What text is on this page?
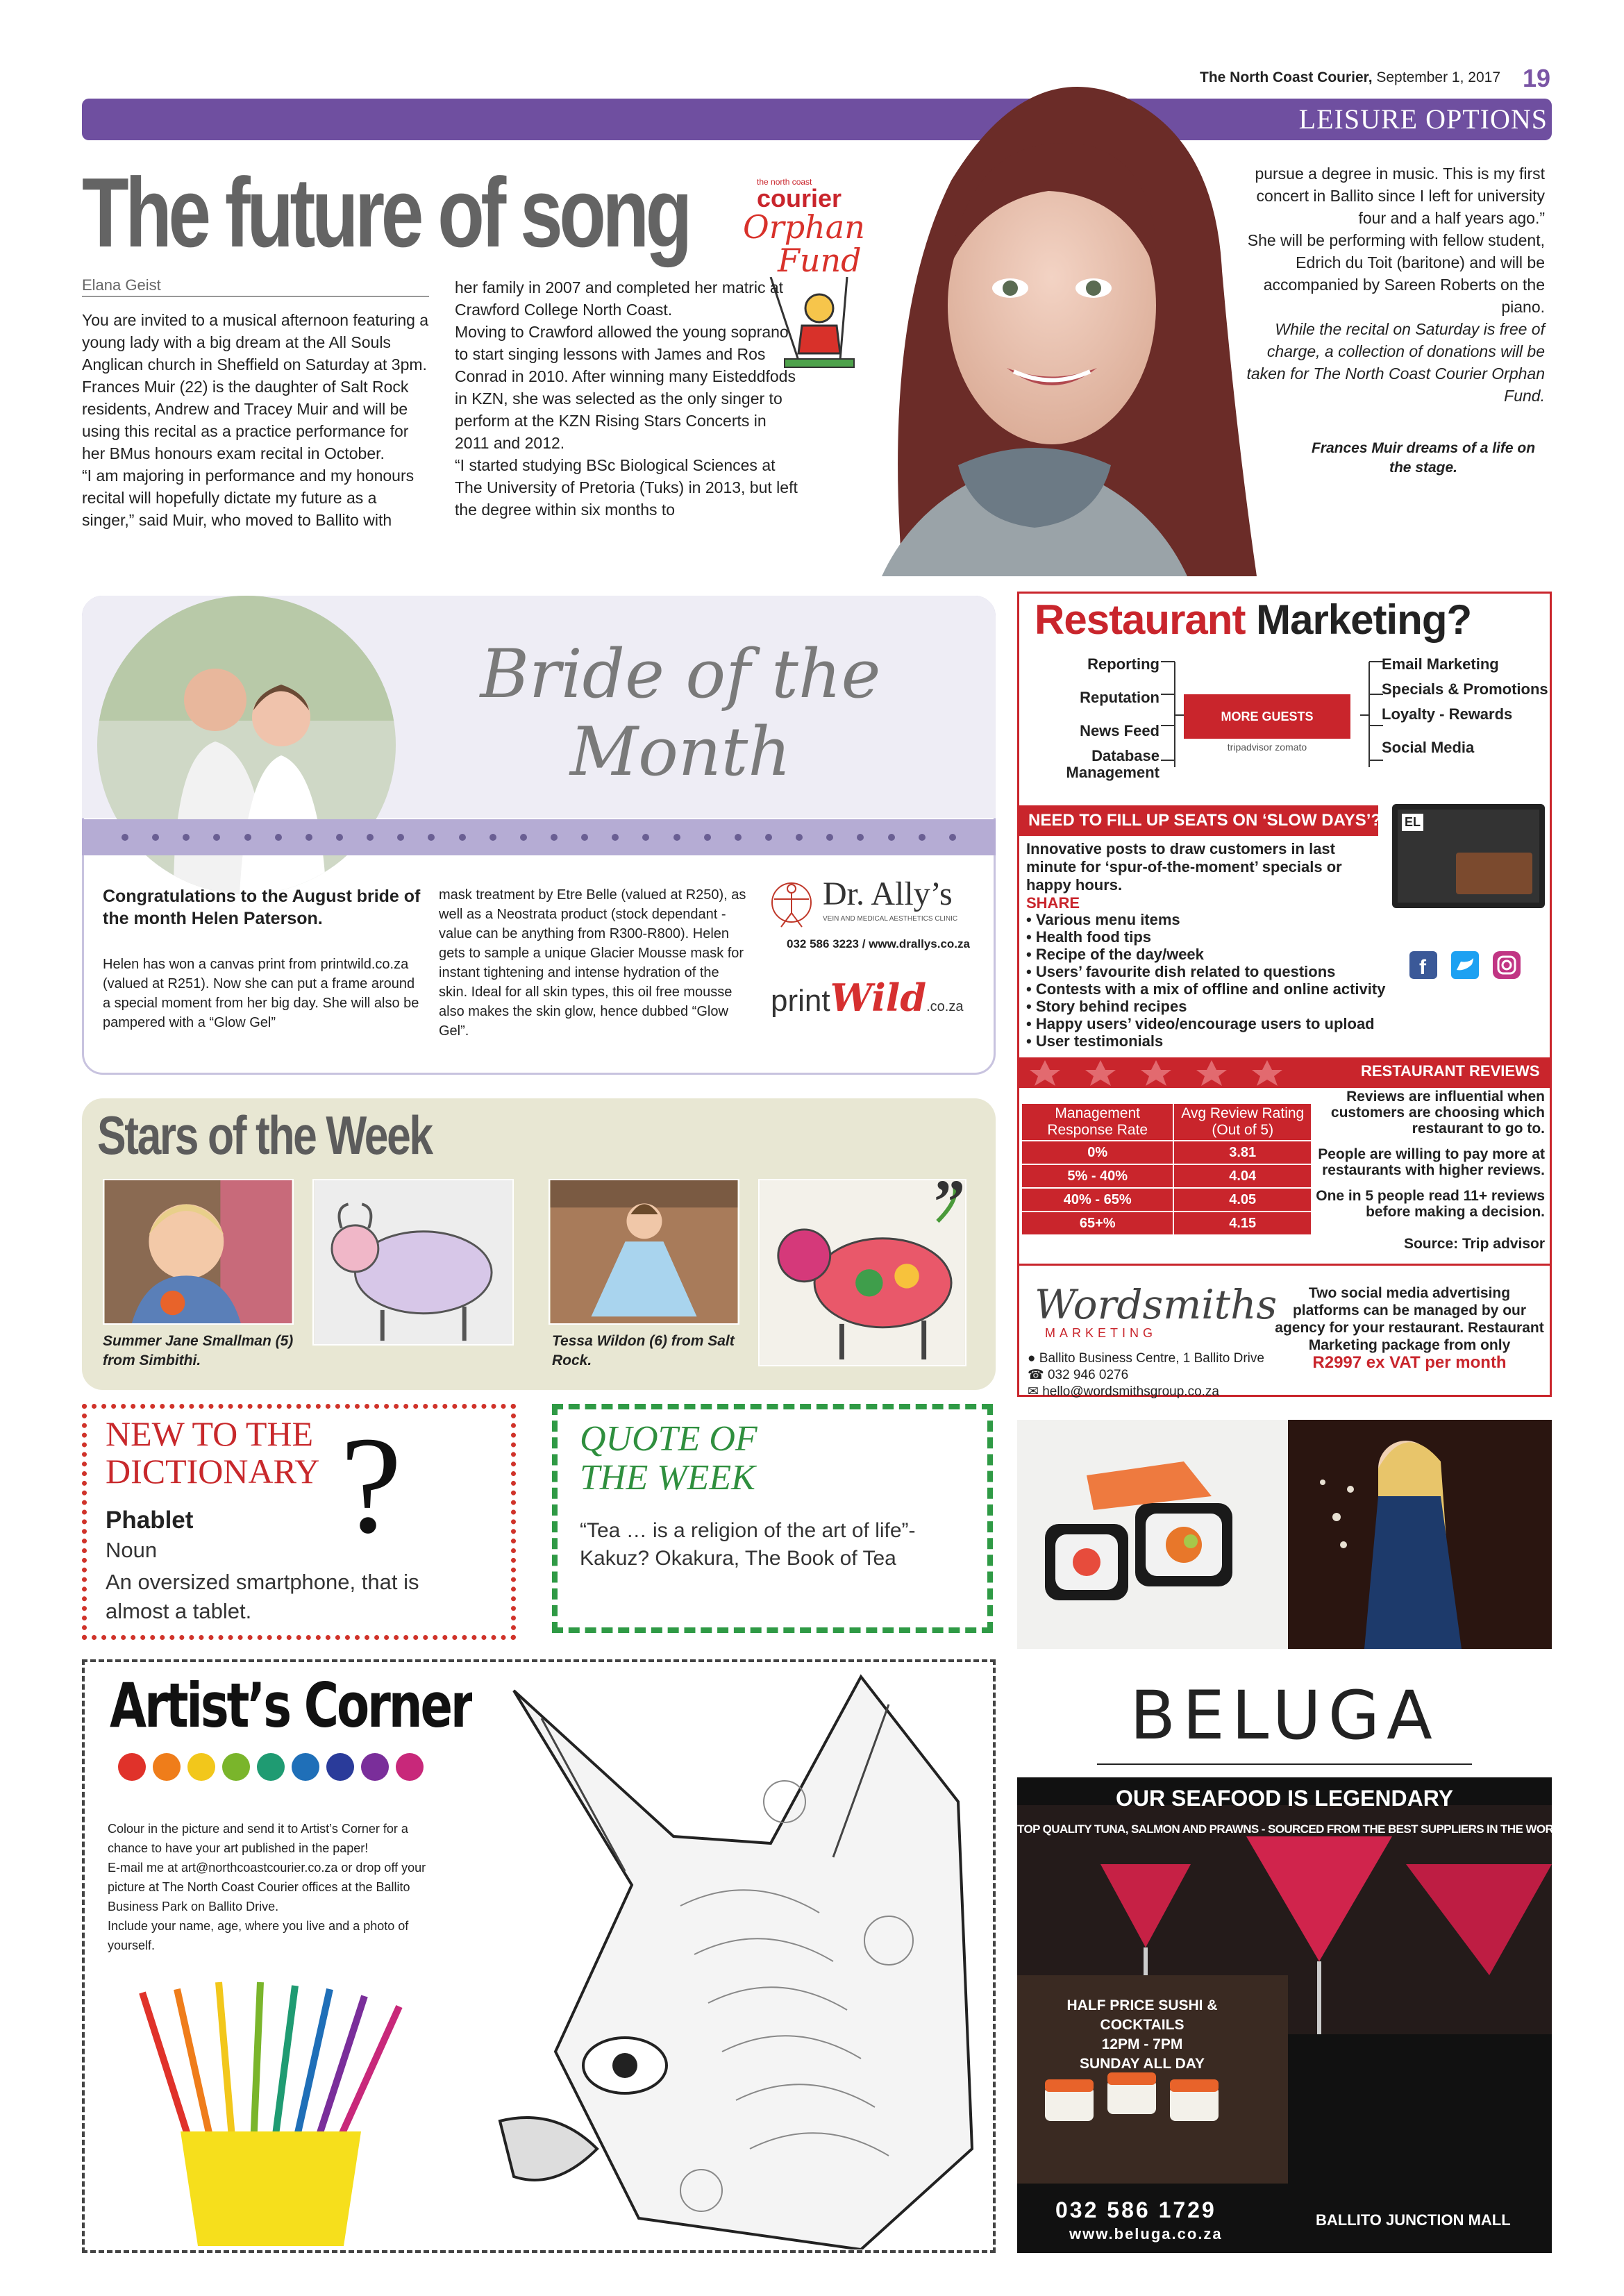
The North Coast Courier, September 1, 2017 19
LEISURE OPTIONS
the north coast
courier
Orphan
Fund
The future of song
Elana Geist

You are invited to a musical afternoon featuring a young lady with a big dream at the All Souls Anglican church in Sheffield on Saturday at 3pm.

Frances Muir (22) is the daughter of Salt Rock residents, Andrew and Tracey Muir and will be using this recital as a practice performance for her BMus honours exam recital in October.

“I am majoring in performance and my honours recital will hopefully dictate my future as a singer,” said Muir, who moved to Ballito with

her family in 2007 and completed her matric at Crawford College North Coast.

Moving to Crawford allowed the young soprano to start singing lessons with James and Ros Conrad in 2010. After winning many Eisteddfods in KZN, she was selected as the only singer to perform at the KZN Rising Stars Concerts in 2011 and 2012.

“I started studying BSc Biological Sciences at The University of Pretoria (Tuks) in 2013, but left the degree within six months to

pursue a degree in music. This is my first concert in Ballito since I left for university four and a half years ago.”

She will be performing with fellow student, Edrich du Toit (baritone) and will be accompanied by Sareen Roberts on the piano.

While the recital on Saturday is free of charge, a collection of donations will be taken for The North Coast Courier Orphan Fund.

Frances Muir dreams of a life on the stage.
Bride of the
Month
Congratulations to the August bride of the month Helen Paterson.
Helen has won a canvas print from printwild.co.za (valued at R251). Now she can put a frame around a special moment from her big day. She will also be pampered with a “Glow Gel”
mask treatment by Etre Belle (valued at R250), as well as a Neostrata product (stock dependant - value can be anything from R300-R800). Helen gets to sample a unique Glacier Mousse mask for instant tightening and intense hydration of the skin. Ideal for all skin types, this oil free mousse also makes the skin glow, hence dubbed “Glow Gel”.
Dr. Ally’s
VEIN AND MEDICAL AESTHETICS CLINIC
032 586 3223 / www.drallys.co.za
printWild.co.za
Stars of the Week
”
Summer Jane Smallman (5) from Simbithi.
Tessa Wildon (6) from Salt Rock.
NEW TO THE
DICTIONARY ?
Phablet
Noun
An oversized smartphone, that is almost a tablet.
QUOTE OF
THE WEEK
“Tea … is a religion of the art of life”- Kakuz? Okakura, The Book of Tea
Artist’s Corner

Colour in the picture and send it to Artist’s Corner for a chance to have your art published in the paper!

E-mail me at art@northcoastcourier.co.za or drop off your picture at The North Coast Courier offices at the Ballito Business Park on Ballito Drive.

Include your name, age, where you live and a photo of yourself.

Restaurant Marketing?
Reporting
Reputation
News Feed
Database Management
Email Marketing
Specials & Promotions
Loyalty - Rewards
Social Media
MORE GUESTS
tripadvisor zomato
NEED TO FILL UP SEATS ON ‘SLOW DAYS’?
Innovative posts to draw customers in last minute for ‘spur-of-the-moment’ specials or happy hours.
SHARE
• Various menu items
• Health food tips
• Recipe of the day/week
• Users’ favourite dish related to questions
• Contests with a mix of offline and online activity
• Story behind recipes
• Happy users’ video/encourage users to upload
• User testimonials
EL
f
RESTAURANT REVIEWS
Management Response Rate	Avg Review Rating (Out of 5)
0%	3.81
5% - 40%	4.04
40% - 65%	4.05
65+%	4.15

Reviews are influential when customers are choosing which restaurant to go to.

People are willing to pay more at restaurants with higher reviews.

One in 5 people read 11+ reviews before making a decision.

Source: Trip advisor
Wordsmiths
MARKETING
● Ballito Business Centre, 1 Ballito Drive
☎ 032 946 0276
✉ hello@wordsmithsgroup.co.za
Two social media advertising platforms can be managed by our agency for your restaurant. Restaurant Marketing package from only
R2997 ex VAT per month
BELUGA
OUR SEAFOOD IS LEGENDARY
TOP QUALITY TUNA, SALMON AND PRAWNS - SOURCED FROM THE BEST SUPPLIERS IN THE WORLD
HALF PRICE SUSHI & COCKTAILS
12PM - 7PM
SUNDAY ALL DAY
032 586 1729
www.beluga.co.za
BALLITO JUNCTION MALL
